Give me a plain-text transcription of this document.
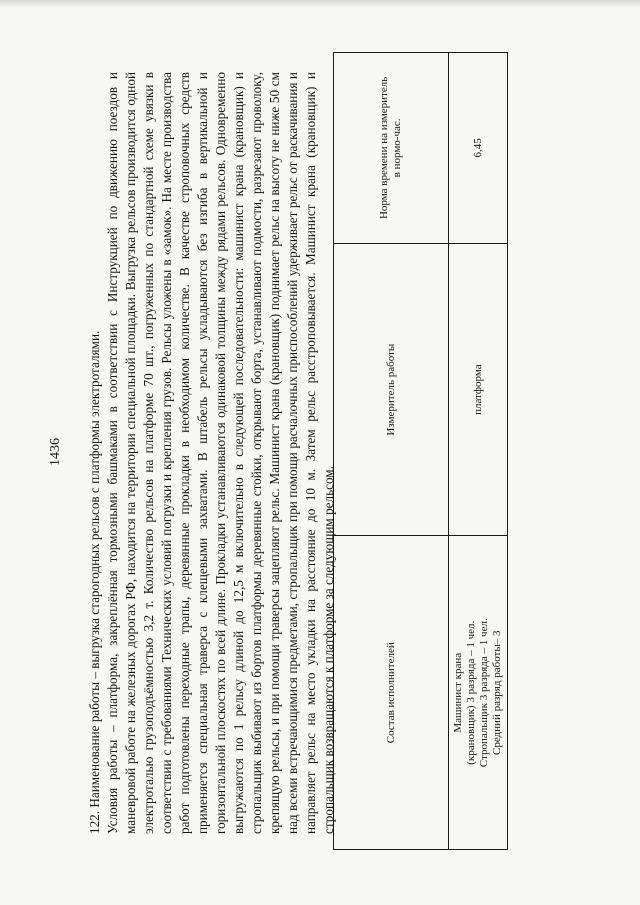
1436 122. Наименование работы – выгрузка старогодных рельсов с платформы электроталями. Условия работы – платформа, закреплённая тормозными башмаками в соответствии с Инструкцией по движению поездов и маневровой работе на железных дорогах РФ, находится на территории специальной площадки. Выгрузка рельсов производится одной электроталью грузоподъёмностью 3,2 т. Количество рельсов на платформе 70 шт., погруженных по стандартной схеме увязки в соответствии с требованиями Технических условий погрузки и крепления грузов. Рельсы уложены в «замок». На месте производства работ подготовлены переходные трапы, деревянные прокладки в необходимом количестве. В качестве строповочных средств применяется специальная траверса с клещевыми захватами. В штабель рельсы укладываются без изгиба в вертикальной и горизонтальной плоскостях по всей длине. Прокладки устанавливаются одинаковой толщины между рядами рельсов. Одновременно выгружаются по 1 рельсу длиной до 12,5 м включительно в следующей последовательности: машинист крана (крановщик) и стропальщик выбивают из бортов платформы деревянные стойки, открывают борта, устанавливают подмости, разрезают проволоку, крепящую рельсы, и при помощи траверсы зацепляют рельс. Машинист крана (крановщик) поднимает рельс на высоту не ниже 50 см над всеми встречающимися предметами, стропальщик при помощи расчалочных приспособлений удерживает рельс от раскачивания и направляет рельс на место укладки на расстояние до 10 м. Затем рельс расстроповывается. Машинист крана (крановщик) и стропальщик возвращаются к платформе за следующим рельсом.	Состав исполнителей	Измеритель работы	Норма времени на измеритель в нормо-час.

Машинист крана (крановщик) 3 разряда – 1 чел. Стропальщик 3 разряда – 1 чел. Средний разряд работы– 3	платформа	6,45
